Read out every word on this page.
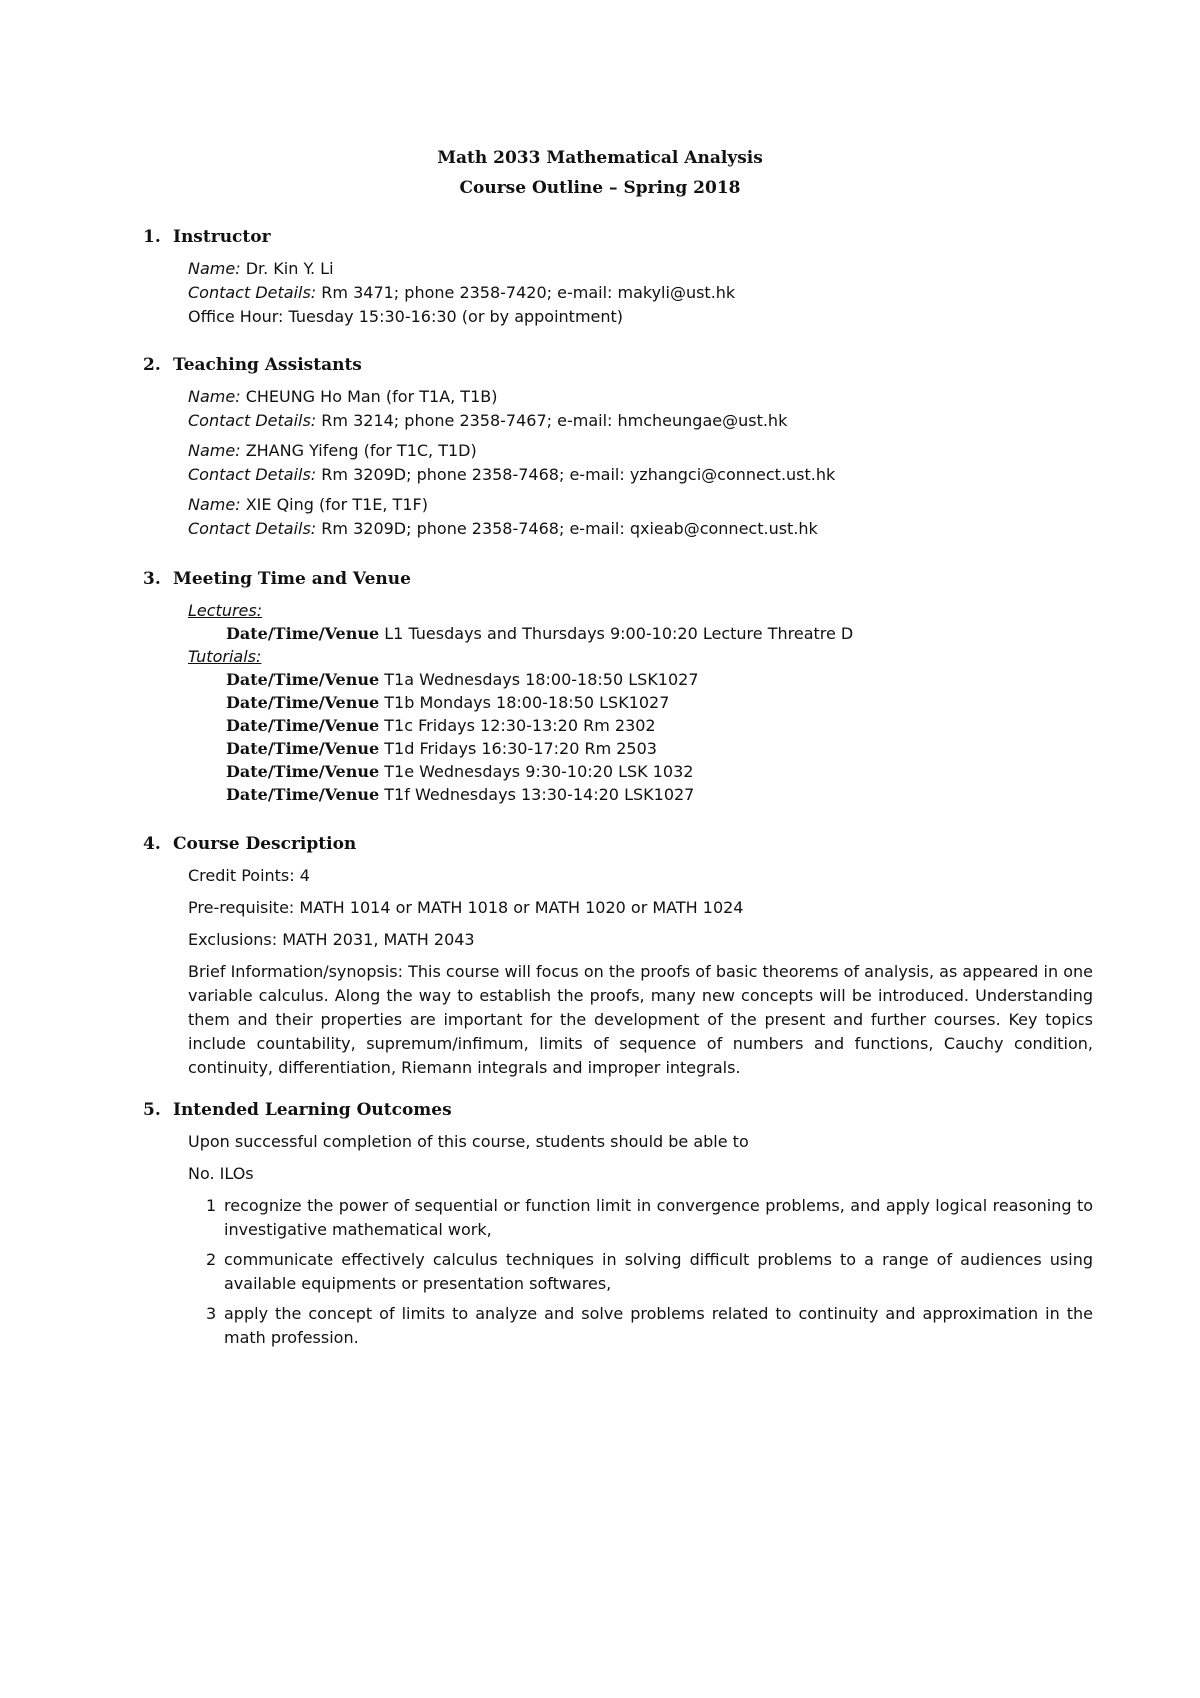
Math 2033 Mathematical Analysis
Course Outline – Spring 2018
1. Instructor
Name: Dr. Kin Y. Li
Contact Details: Rm 3471; phone 2358-7420; e-mail: makyli@ust.hk
Office Hour: Tuesday 15:30-16:30 (or by appointment)
2. Teaching Assistants
Name: CHEUNG Ho Man (for T1A, T1B)
Contact Details: Rm 3214; phone 2358-7467; e-mail: hmcheungae@ust.hk
Name: ZHANG Yifeng (for T1C, T1D)
Contact Details: Rm 3209D; phone 2358-7468; e-mail: yzhangci@connect.ust.hk
Name: XIE Qing (for T1E, T1F)
Contact Details: Rm 3209D; phone 2358-7468; e-mail: qxieab@connect.ust.hk
3. Meeting Time and Venue
Lectures:
Date/Time/Venue L1 Tuesdays and Thursdays 9:00-10:20 Lecture Threatre D
Tutorials:
Date/Time/Venue T1a Wednesdays 18:00-18:50 LSK1027
Date/Time/Venue T1b Mondays 18:00-18:50 LSK1027
Date/Time/Venue T1c Fridays 12:30-13:20 Rm 2302
Date/Time/Venue T1d Fridays 16:30-17:20 Rm 2503
Date/Time/Venue T1e Wednesdays 9:30-10:20 LSK 1032
Date/Time/Venue T1f Wednesdays 13:30-14:20 LSK1027
4. Course Description
Credit Points: 4
Pre-requisite: MATH 1014 or MATH 1018 or MATH 1020 or MATH 1024
Exclusions: MATH 2031, MATH 2043
Brief Information/synopsis: This course will focus on the proofs of basic theorems of analysis, as appeared in one variable calculus. Along the way to establish the proofs, many new concepts will be introduced. Understanding them and their properties are important for the development of the present and further courses. Key topics include countability, supremum/infimum, limits of sequence of numbers and functions, Cauchy condition, continuity, differentiation, Riemann integrals and improper integrals.
5. Intended Learning Outcomes
Upon successful completion of this course, students should be able to
No. ILOs
1 recognize the power of sequential or function limit in convergence problems, and apply logical reasoning to investigative mathematical work,
2 communicate effectively calculus techniques in solving difficult problems to a range of audiences using available equipments or presentation softwares,
3 apply the concept of limits to analyze and solve problems related to continuity and approximation in the math profession.
